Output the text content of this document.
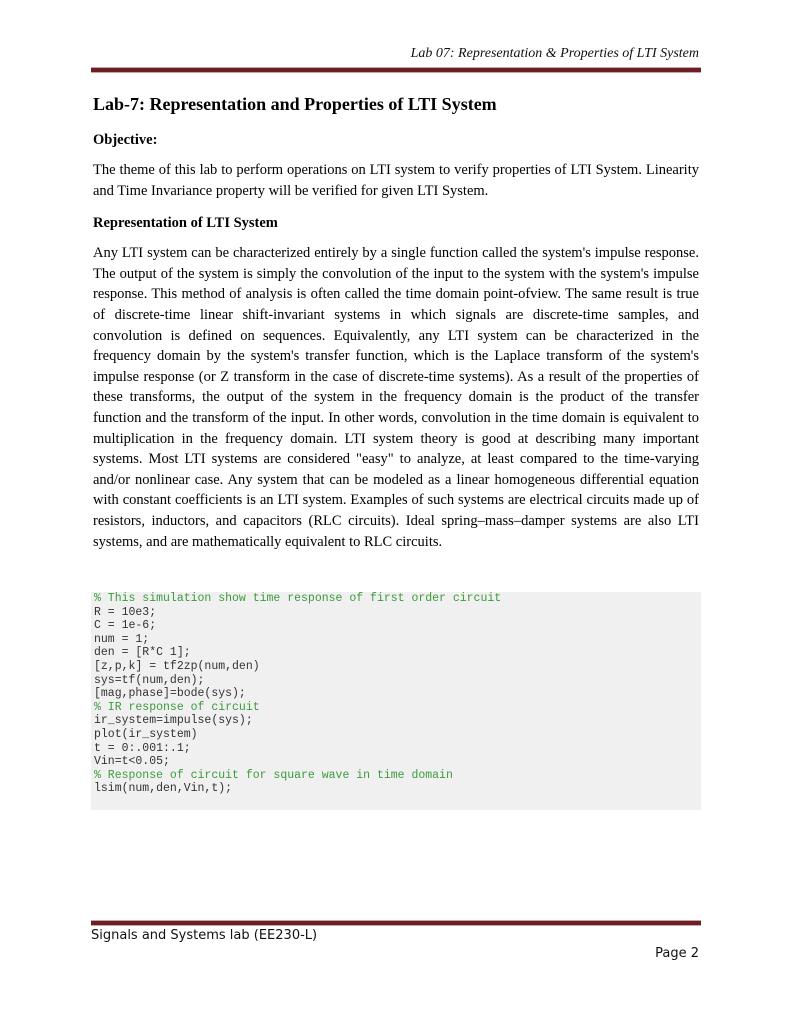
Lab 07: Representation & Properties of LTI System
Lab-7: Representation and Properties of LTI System
Objective:

The theme of this lab to perform operations on LTI system to verify properties of LTI System. Linearity and Time Invariance property will be verified for given LTI System.

Representation of LTI System

Any LTI system can be characterized entirely by a single function called the system's impulse response. The output of the system is simply the convolution of the input to the system with the system's impulse response. This method of analysis is often called the time domain point-ofview. The same result is true of discrete-time linear shift-invariant systems in which signals are discrete-time samples, and convolution is defined on sequences. Equivalently, any LTI system can be characterized in the frequency domain by the system's transfer function, which is the Laplace transform of the system's impulse response (or Z transform in the case of discrete-time systems). As a result of the properties of these transforms, the output of the system in the frequency domain is the product of the transfer function and the transform of the input. In other words, convolution in the time domain is equivalent to multiplication in the frequency domain. LTI system theory is good at describing many important systems. Most LTI systems are considered "easy" to analyze, at least compared to the time-varying and/or nonlinear case. Any system that can be modeled as a linear homogeneous differential equation with constant coefficients is an LTI system. Examples of such systems are electrical circuits made up of resistors, inductors, and capacitors (RLC circuits). Ideal spring–mass–damper systems are also LTI systems, and are mathematically equivalent to RLC circuits.

% This simulation show time response of first order circuit
R = 10e3;
C = 1e-6;
num = 1;
den = [R*C 1];
[z,p,k] = tf2zp(num,den)
sys=tf(num,den);
[mag,phase]=bode(sys);
% IR response of circuit
ir_system=impulse(sys);
plot(ir_system)
t = 0:.001:.1;
Vin=t<0.05;
% Response of circuit for square wave in time domain
lsim(num,den,Vin,t);
Signals and Systems lab (EE230-L)
Page 2
